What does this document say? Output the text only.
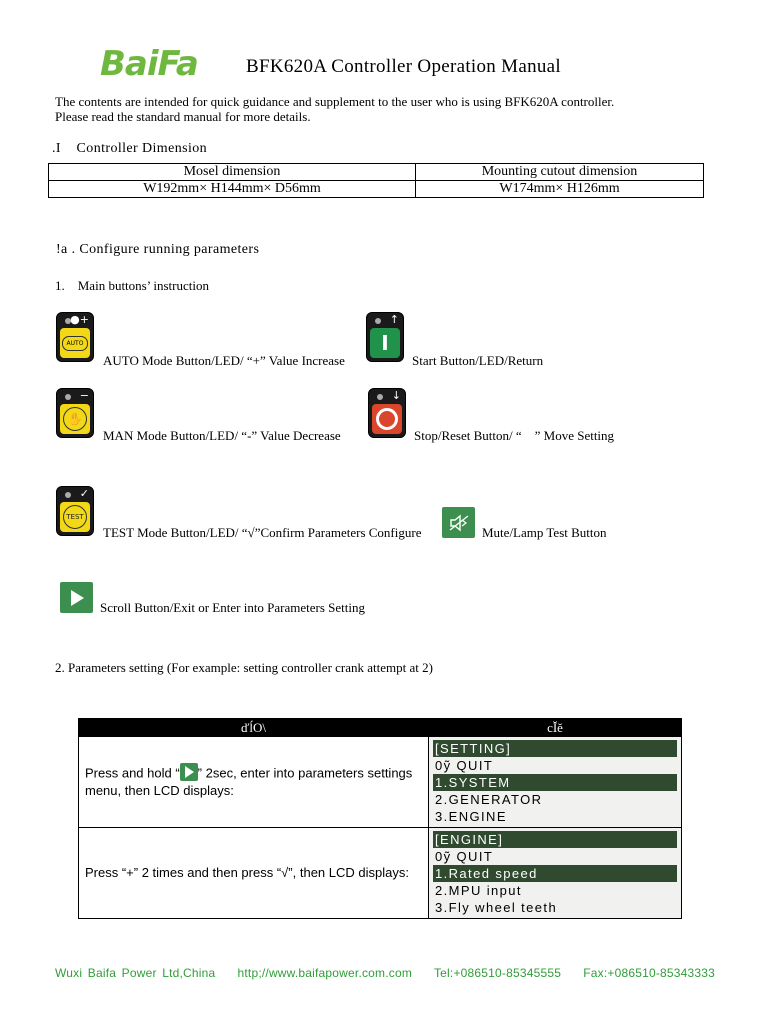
BaiFa	BFK620A Controller Operation Manual
The contents are intended for quick guidance and supplement to the user who is using BFK620A controller.
Please read the standard manual for more details.
.I    Controller Dimension
Mosel dimension	Mounting cutout dimension
W192mm× H144mm× D56mm	W174mm× H126mm
!a . Configure running parameters
1.    Main buttons’ instruction
●+
AUTO
AUTO Mode Button/LED/ “+” Value Increase
↑
I
Start Button/LED/Return
−
✋
MAN Mode Button/LED/ “-” Value Decrease
↓
Stop/Reset Button/ “    ” Move Setting
✓
TEST
TEST Mode Button/LED/ “√”Confirm Parameters Configure	Mute/Lamp Test Button
Scroll Button/Exit or Enter into Parameters Setting
2. Parameters setting (For example: setting controller crank attempt at 2)
ďĺO\	cĬĕ
Press and hold “ ” 2sec, enter into parameters settings menu, then LCD displays:	[SETTING]
0ỹ QUIT
1.SYSTEM
2.GENERATOR
3.ENGINE

Press “+” 2 times and then press “√”, then LCD displays:	[ENGINE]
0ỹ QUIT
1.Rated speed
2.MPU input
3.Fly wheel teeth
Wuxi Baifa Power Ltd,China    http;//www.baifapower.com.com    Tel:+086510-85345555    Fax:+086510-85343333
